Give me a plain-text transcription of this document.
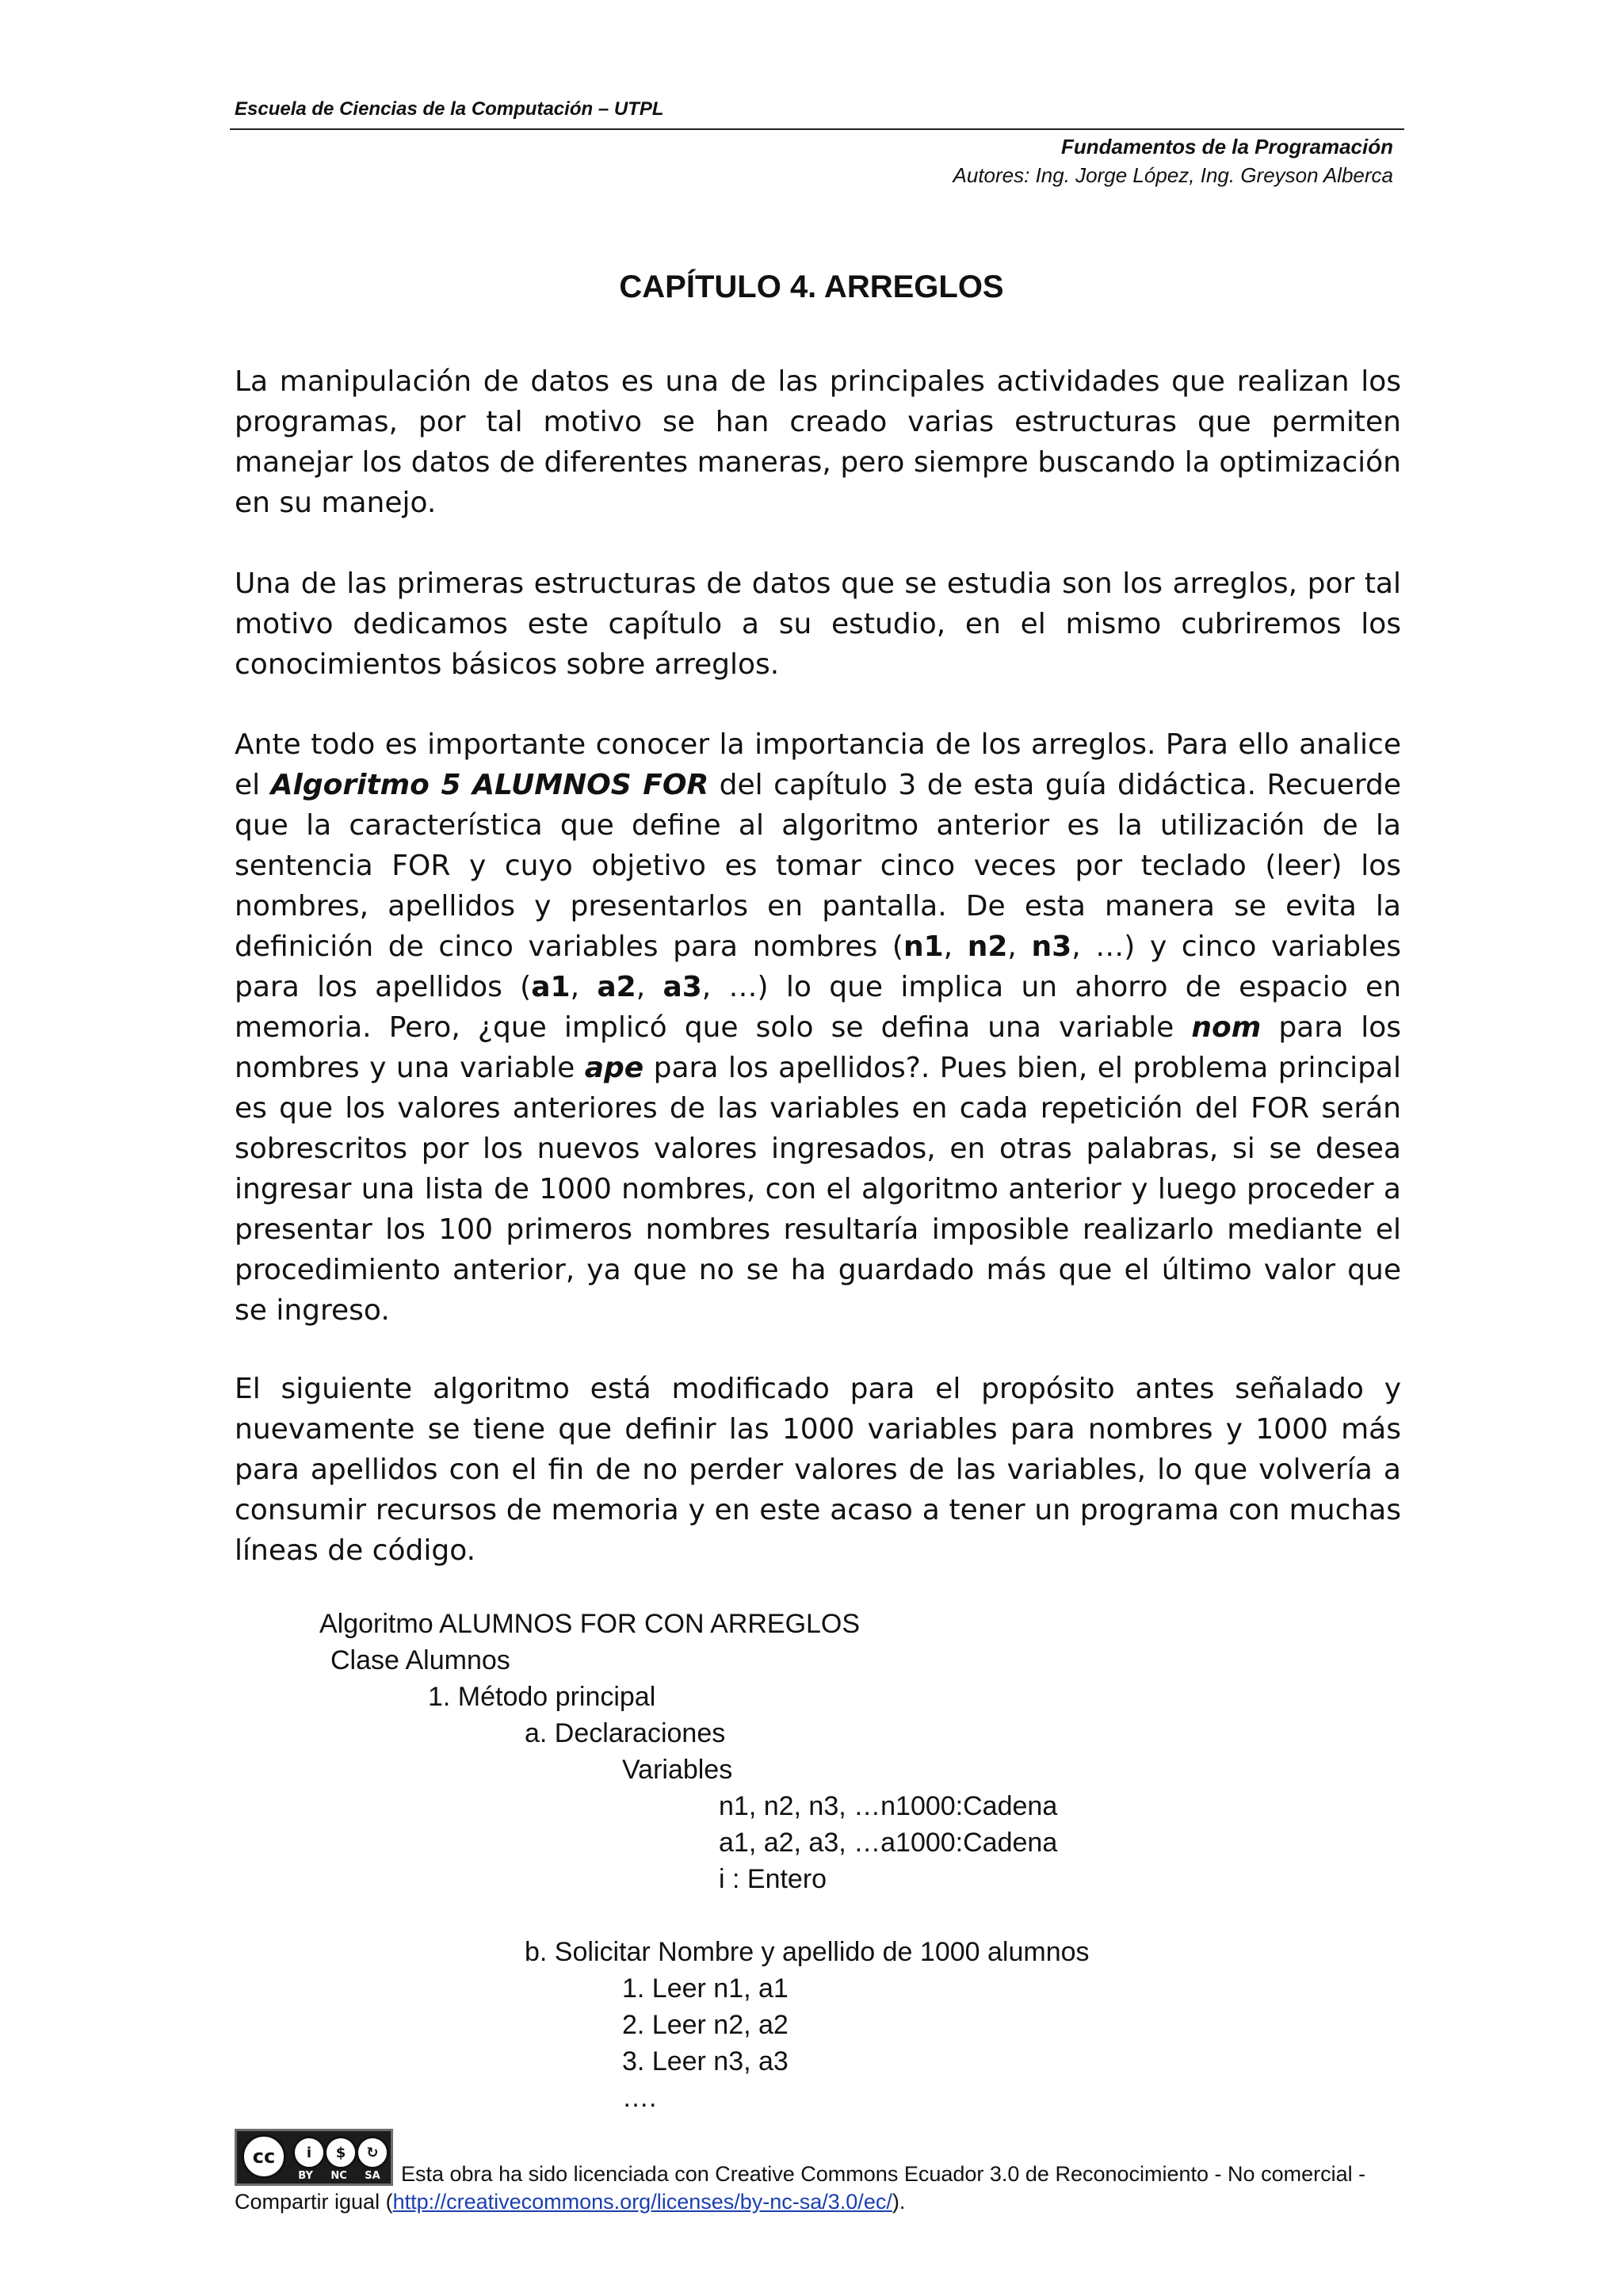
Escuela de Ciencias de la Computación – UTPL
Fundamentos de la Programación
Autores: Ing. Jorge López, Ing. Greyson Alberca
CAPÍTULO 4. ARREGLOS
La manipulación de datos es una de las principales actividades que realizan los programas, por tal motivo se han creado varias estructuras que permiten manejar los datos de diferentes maneras, pero siempre buscando la optimización en su manejo.
Una de las primeras estructuras de datos que se estudia son los arreglos, por tal motivo dedicamos este capítulo a su estudio, en el mismo cubriremos los conocimientos básicos sobre arreglos.
Ante todo es importante conocer la importancia de los arreglos. Para ello analice el Algoritmo 5 ALUMNOS FOR del capítulo 3 de esta guía didáctica. Recuerde que la característica que define al algoritmo anterior es la utilización de la sentencia FOR y cuyo objetivo es tomar cinco veces por teclado (leer) los nombres, apellidos y presentarlos en pantalla. De esta manera se evita la definición de cinco variables para nombres (n1, n2, n3, …) y cinco variables para los apellidos (a1, a2, a3, …) lo que implica un ahorro de espacio en memoria. Pero, ¿que implicó que solo se defina una variable nom para los nombres y una variable ape para los apellidos?. Pues bien, el problema principal es que los valores anteriores de las variables en cada repetición del FOR serán sobrescritos por los nuevos valores ingresados, en otras palabras, si se desea ingresar una lista de 1000 nombres, con el algoritmo anterior y luego proceder a presentar los 100 primeros nombres resultaría imposible realizarlo mediante el procedimiento anterior, ya que no se ha guardado más que el último valor que se ingreso.
El siguiente algoritmo está modificado para el propósito antes señalado y nuevamente se tiene que definir las 1000 variables para nombres y 1000 más para apellidos con el fin de no perder valores de las variables, lo que volvería a consumir recursos de memoria y en este acaso a tener un programa con muchas líneas de código.
Algoritmo ALUMNOS FOR CON ARREGLOS
Clase Alumnos
1. Método principal
a. Declaraciones
Variables
n1, n2, n3, …n1000:Cadena
a1, a2, a3, …a1000:Cadena
i : Entero
b. Solicitar Nombre y apellido de 1000 alumnos
1. Leer n1, a1
2. Leer n2, a2
3. Leer n3, a3
….
cc	i	$	↻
BY NC SA Esta obra ha sido licenciada con Creative Commons Ecuador 3.0 de Reconocimiento - No comercial -
Compartir igual (http://creativecommons.org/licenses/by-nc-sa/3.0/ec/).
